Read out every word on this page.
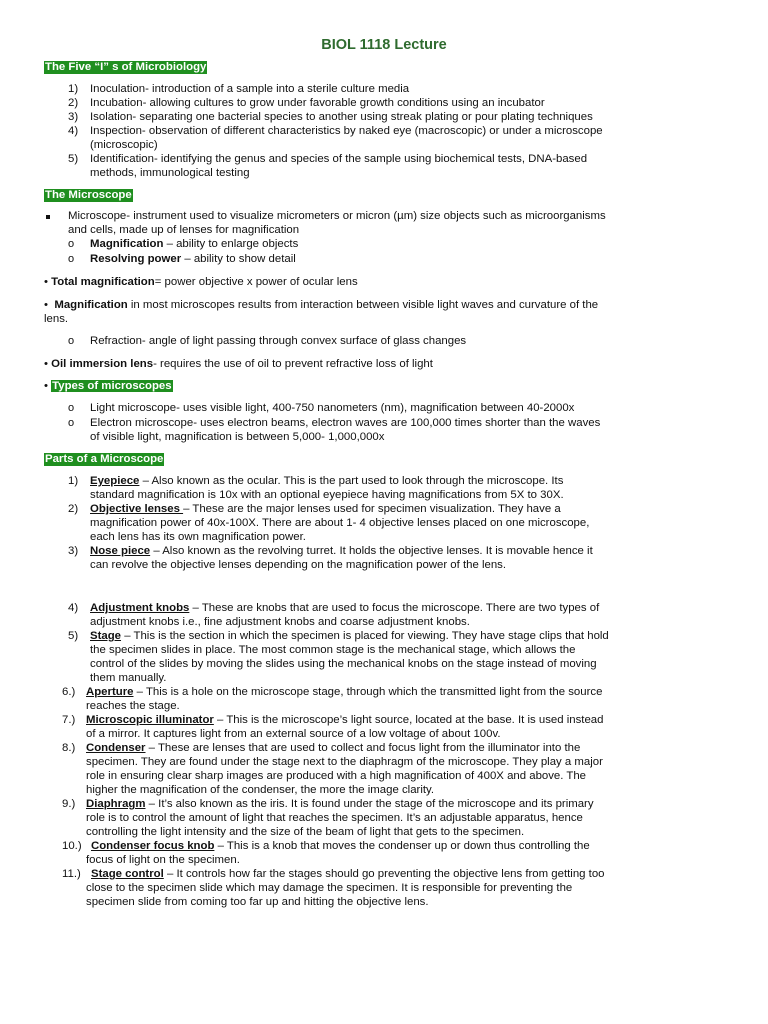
BIOL 1118 Lecture
The Five “I” s of Microbiology
1) Inoculation- introduction of a sample into a sterile culture media
2) Incubation- allowing cultures to grow under favorable growth conditions using an incubator
3) Isolation- separating one bacterial species to another using streak plating or pour plating techniques
4) Inspection- observation of different characteristics by naked eye (macroscopic) or under a microscope
(microscopic)
5) Identification- identifying the genus and species of the sample using biochemical tests, DNA-based
methods, immunological testing
The Microscope
Microscope- instrument used to visualize micrometers or micron (µm) size objects such as microorganisms
and cells, made up of lenses for magnification
o Magnification – ability to enlarge objects
o Resolving power – ability to show detail
• Total magnification= power objective x power of ocular lens
•  Magnification in most microscopes results from interaction between visible light waves and curvature of the
lens.
o Refraction- angle of light passing through convex surface of glass changes
• Oil immersion lens- requires the use of oil to prevent refractive loss of light
• Types of microscopes
o Light microscope- uses visible light, 400-750 nanometers (nm), magnification between 40-2000x
o Electron microscope- uses electron beams, electron waves are 100,000 times shorter than the waves
of visible light, magnification is between 5,000- 1,000,000x
Parts of a Microscope
1) Eyepiece – Also known as the ocular. This is the part used to look through the microscope. Its
standard magnification is 10x with an optional eyepiece having magnifications from 5X to 30X.
2) Objective lenses – These are the major lenses used for specimen visualization. They have a
magnification power of 40x-100X. There are about 1- 4 objective lenses placed on one microscope,
each lens has its own magnification power.
3) Nose piece – Also known as the revolving turret. It holds the objective lenses. It is movable hence it
can revolve the objective lenses depending on the magnification power of the lens.
4) Adjustment knobs – These are knobs that are used to focus the microscope. There are two types of
adjustment knobs i.e., fine adjustment knobs and coarse adjustment knobs.
5) Stage – This is the section in which the specimen is placed for viewing. They have stage clips that hold
the specimen slides in place. The most common stage is the mechanical stage, which allows the
control of the slides by moving the slides using the mechanical knobs on the stage instead of moving
them manually.
6.) Aperture – This is a hole on the microscope stage, through which the transmitted light from the source
reaches the stage.
7.) Microscopic illuminator – This is the microscope’s light source, located at the base. It is used instead
of a mirror. It captures light from an external source of a low voltage of about 100v.
8.) Condenser – These are lenses that are used to collect and focus light from the illuminator into the
specimen. They are found under the stage next to the diaphragm of the microscope. They play a major
role in ensuring clear sharp images are produced with a high magnification of 400X and above. The
higher the magnification of the condenser, the more the image clarity.
9.) Diaphragm – It’s also known as the iris. It is found under the stage of the microscope and its primary
role is to control the amount of light that reaches the specimen. It’s an adjustable apparatus, hence
controlling the light intensity and the size of the beam of light that gets to the specimen.
10.) Condenser focus knob – This is a knob that moves the condenser up or down thus controlling the
focus of light on the specimen.
11.) Stage control – It controls how far the stages should go preventing the objective lens from getting too
close to the specimen slide which may damage the specimen. It is responsible for preventing the
specimen slide from coming too far up and hitting the objective lens.
